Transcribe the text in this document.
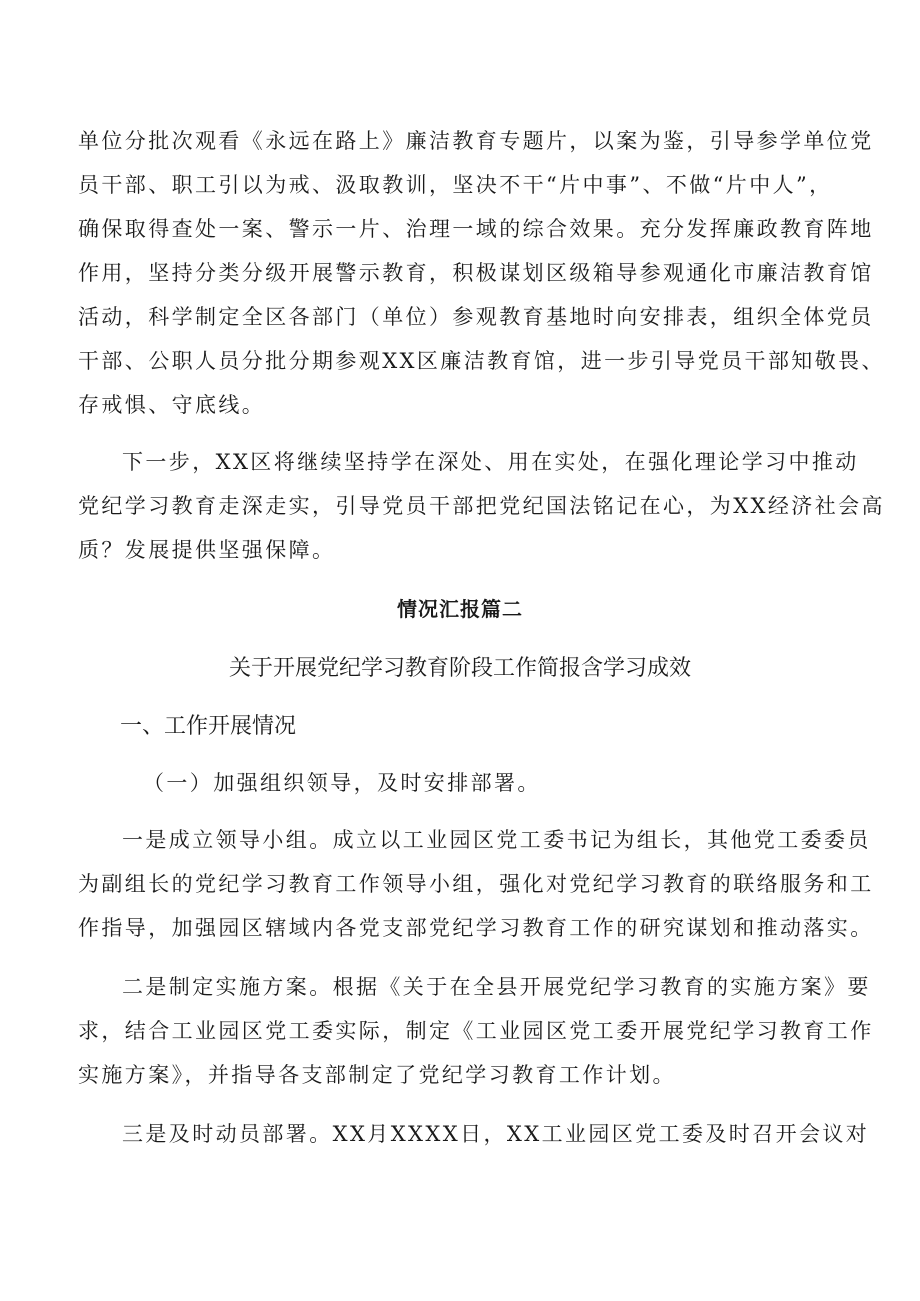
单位分批次观看《永远在路上》廉洁教育专题片，以案为鉴，引导参学单位党
员干部、职工引以为戒、汲取教训，坚决不干“片中事”、不做“片中人”，
确保取得查处一案、警示一片、治理一域的综合效果。充分发挥廉政教育阵地
作用，坚持分类分级开展警示教育，积极谋划区级箱导参观通化市廉洁教育馆
活动，科学制定全区各部门（单位）参观教育基地时向安排表，组织全体党员
干部、公职人员分批分期参观XX区廉洁教育馆，进一步引导党员干部知敬畏、
存戒惧、守底线。
下一步，XX区将继续坚持学在深处、用在实处，在强化理论学习中推动
党纪学习教育走深走实，引导党员干部把党纪国法铭记在心，为XX经济社会高
质？发展提供坚强保障。
情况汇报篇二
关于开展党纪学习教育阶段工作简报含学习成效
一、工作开展情况
（一）加强组织领导，及时安排部署。
一是成立领导小组。成立以工业园区党工委书记为组长，其他党工委委员
为副组长的党纪学习教育工作领导小组，强化对党纪学习教育的联络服务和工
作指导，加强园区辖域内各党支部党纪学习教育工作的研究谋划和推动落实。
二是制定实施方案。根据《关于在全县开展党纪学习教育的实施方案》要
求，结合工业园区党工委实际，制定《工业园区党工委开展党纪学习教育工作
实施方案》，并指导各支部制定了党纪学习教育工作计划。
三是及时动员部署。XX月XXXX日，XX工业园区党工委及时召开会议对
